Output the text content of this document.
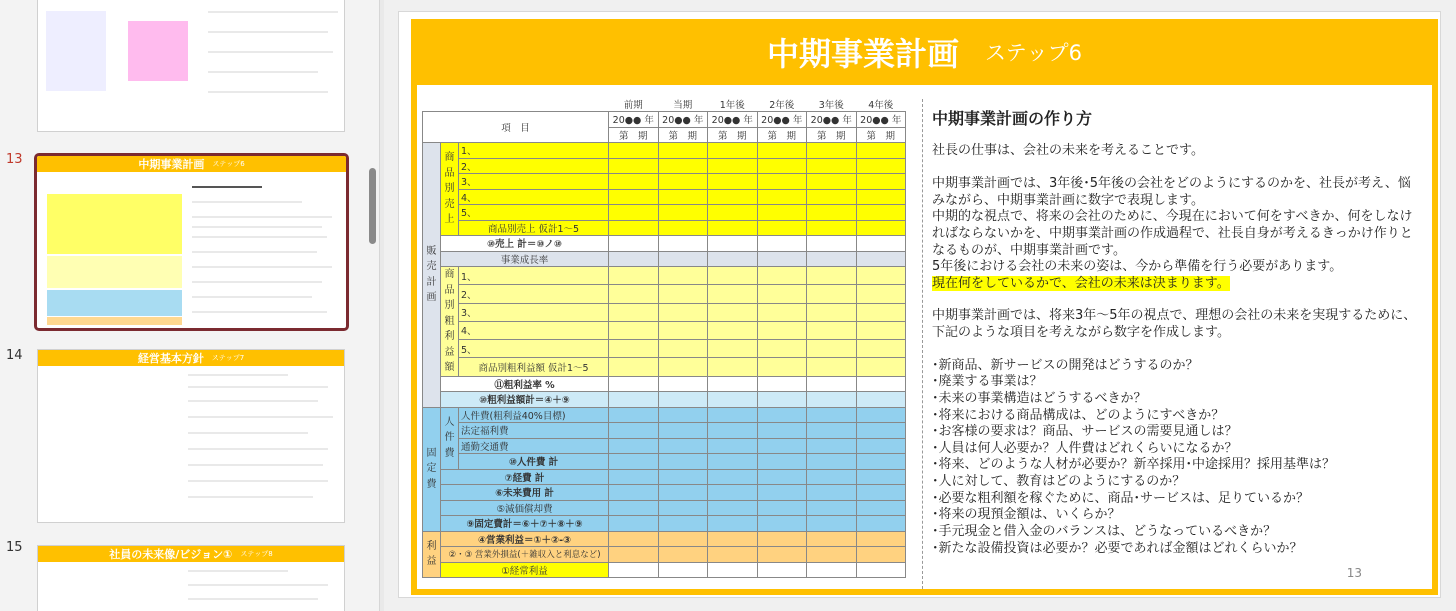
13	中期事業計画 ステップ6
14	経営基本方針 ステップ7
15	社員の未来像/ビジョン① ステップ8
中期事業計画 ステップ6
			前期	当期	1年後	2年後	3年後	4年後
項　目			20●● 年	20●● 年	20●● 年	20●● 年	20●● 年	20●● 年
			第　期	第　期	第　期	第　期	第　期	第　期
販売計画	商品別売上	1、						
		2、						
		3、						
		4、						
		5、						
		商品別売上 仮計1～5						
	⑩売上 計＝⑩ノ⑩							
	事業成長率							
	商品別粗利益額	1、						
		2、						
		3、						
		4、						
		5、						
		商品別粗利益額 仮計1～5						
	⑪粗利益率 %							
	⑩粗利益額計＝④＋⑨							
固定費	人件費	人件費(粗利益40%目標)						
		法定福利費						
		通勤交通費						
		⑩人件費 計						
	⑦経費 計							
	⑥未来費用 計							
	⑤減価償却費							
	⑨固定費計＝⑥＋⑦＋⑧＋⑨							
利益	④営業利益＝①＋②-③							
	②・③ 営業外損益(＋雑収入と利息など)							
	①経常利益							
中期事業計画の作り方

社長の仕事は、会社の未来を考えることです。

中期事業計画では、3年後･5年後の会社をどのようにするのかを、社長が考え、悩みながら、中期事業計画に数字で表現します。
中期的な視点で、将来の会社のために、今現在において何をすべきか、何をしなければならないかを、中期事業計画の作成過程で、社長自身が考えるきっかけ作りとなるものが、中期事業計画です。
5年後における会社の未来の姿は、今から準備を行う必要があります。
現在何をしているかで、会社の未来は決まります。

中期事業計画では、将来3年～5年の視点で、理想の会社の未来を実現するために、下記のような項目を考えながら数字を作成します。

･新商品、新サービスの開発はどうするのか？
･廃業する事業は？
･未来の事業構造はどうするべきか？
･将来における商品構成は、どのようにすべきか？
･お客様の要求は？商品、サービスの需要見通しは？
･人員は何人必要か？人件費はどれくらいになるか？
･将来、どのような人材が必要か？新卒採用･中途採用？採用基準は？
･人に対して、教育はどのようにするのか？
･必要な粗利額を稼ぐために、商品･サービスは、足りているか？
･将来の現預金額は、いくらか？
･手元現金と借入金のバランスは、どうなっているべきか？
･新たな設備投資は必要か？必要であれば金額はどれくらいか？
13
